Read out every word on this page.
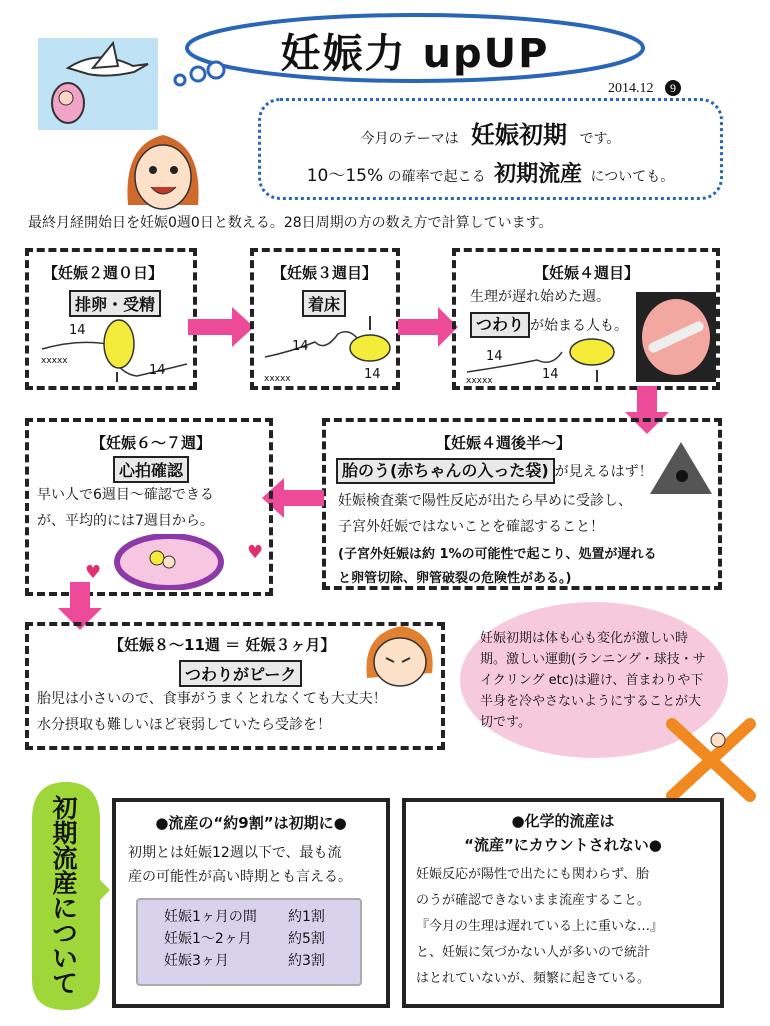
妊娠力 upUP
2014.12 9
今月のテーマは 妊娠初期 です。
10〜15% の確率で起こる 初期流産 についても。
最終月経開始日を妊娠0週0日と数える。28日周期の方の数え方で計算しています。
【妊娠２週０日】
排卵・受精
14
14
xxxxx
【妊娠３週目】
着床
14
14
xxxxx
【妊娠４週目】
生理が遅れ始めた週。
つわり が始まる人も。
14
14
xxxxx
【妊娠４週後半〜】
胎のう(赤ちゃんの入った袋) が見えるはず！
妊娠検査薬で陽性反応が出たら早めに受診し、
子宮外妊娠ではないことを確認すること！
(子宮外妊娠は約 1%の可能性で起こり、処置が遅れる
と卵管切除、卵管破裂の危険性がある。)
【妊娠６〜７週】
心拍確認
早い人で6週目〜確認できる
が、平均的には7週目から。
♥
♥
【妊娠８〜11週 ＝ 妊娠３ヶ月】
つわりがピーク
胎児は小さいので、食事がうまくとれなくても大丈夫！
水分摂取も難しいほど衰弱していたら受診を！
妊娠初期は体も心も変化が激しい時期。激しい運動(ランニング・球技・サイクリング etc)は避け、首まわりや下半身を冷やさないようにすることが大切です。
初期流産について
●流産の“約9割”は初期に●
初期とは妊娠12週以下で、最も流
産の可能性が高い時期とも言える。
妊娠1ヶ月の間 約1割
妊娠1〜2ヶ月	約5割
妊娠3ヶ月	約3割
●化学的流産は
“流産”にカウントされない●
妊娠反応が陽性で出たにも関わらず、胎
のうが確認できないまま流産すること。
『今月の生理は遅れている上に重いな…』
と、妊娠に気づかない人が多いので統計
はとれていないが、頻繁に起きている。
